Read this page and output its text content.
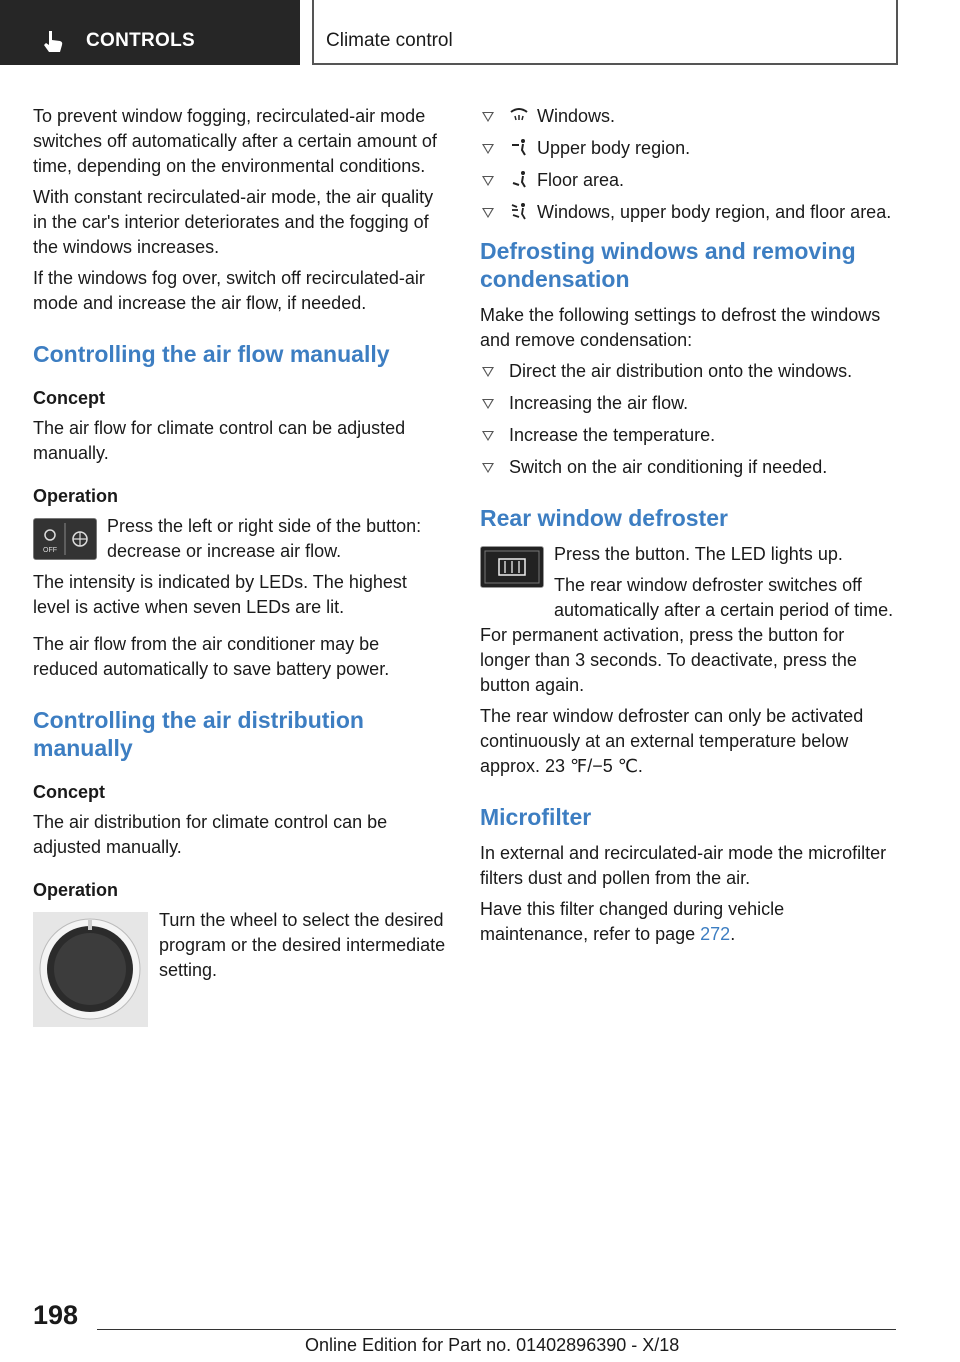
CONTROLS	Climate control

To prevent window fogging, recirculated-air mode switches off automatically after a certain amount of time, depending on the environmental conditions.

With constant recirculated-air mode, the air quality in the car's interior deteriorates and the fogging of the windows increases.

If the windows fog over, switch off recirculated-air mode and increase the air flow, if needed.

Controlling the air flow manually
Concept

The air flow for climate control can be adjusted manually.

Operation
OFF

Press the left or right side of the button: decrease or increase air flow.

The intensity is indicated by LEDs. The highest level is active when seven LEDs are lit.

The air flow from the air conditioner may be reduced automatically to save battery power.

Controlling the air distribution manually
Concept

The air distribution for climate control can be adjusted manually.

Operation

Turn the wheel to select the desired program or the desired intermediate setting.

Windows.
Upper body region.
Floor area.
Windows, upper body region, and floor area.
Defrosting windows and removing condensation

Make the following settings to defrost the windows and remove condensation:

Direct the air distribution onto the windows.
Increasing the air flow.
Increase the temperature.
Switch on the air conditioning if needed.
Rear window defroster

Press the button. The LED lights up.

The rear window defroster switches off automatically after a certain period of time.

For permanent activation, press the button for longer than 3 seconds. To deactivate, press the button again.

The rear window defroster can only be activated continuously at an external temperature below approx. 23 ℉/−5 ℃.

Microfilter

In external and recirculated-air mode the microfilter filters dust and pollen from the air.

Have this filter changed during vehicle maintenance, refer to page 272.

198
Online Edition for Part no. 01402896390 - X/18
